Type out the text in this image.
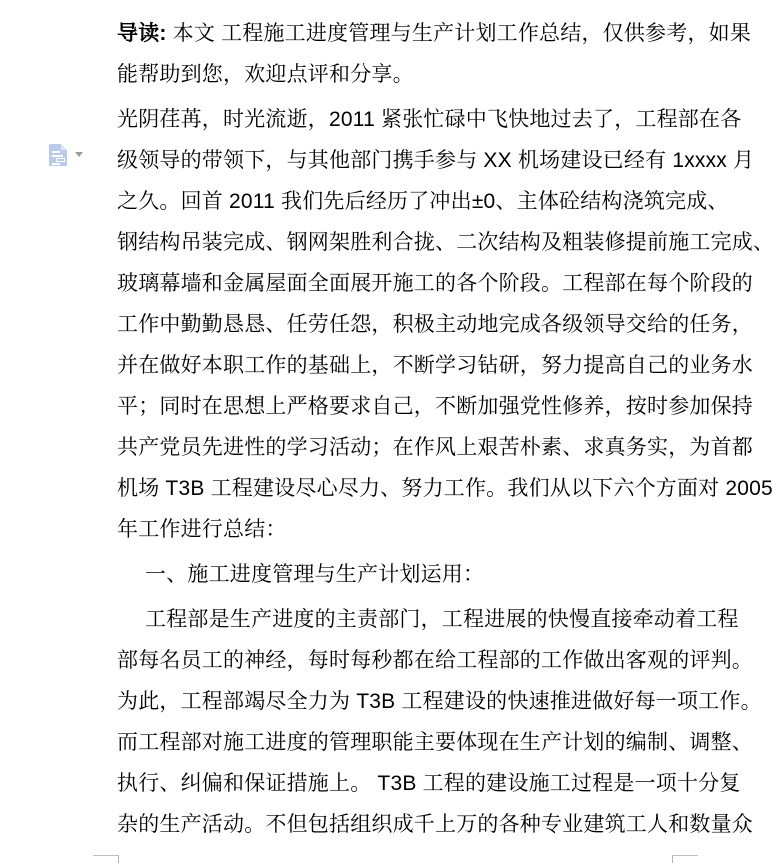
导读: 本文 工程施工进度管理与生产计划工作总结，仅供参考，如果
能帮助到您，欢迎点评和分享。
光阴荏苒，时光流逝，2011 紧张忙碌中飞快地过去了，工程部在各
级领导的带领下，与其他部门携手参与 XX 机场建设已经有 1xxxx 月
之久。回首 2011 我们先后经历了冲出±0、主体砼结构浇筑完成、
钢结构吊装完成、钢网架胜利合拢、二次结构及粗装修提前施工完成、
玻璃幕墙和金属屋面全面展开施工的各个阶段。工程部在每个阶段的
工作中勤勤恳恳、任劳任怨，积极主动地完成各级领导交给的任务，
并在做好本职工作的基础上，不断学习钻研，努力提高自己的业务水
平；同时在思想上严格要求自己，不断加强党性修养，按时参加保持
共产党员先进性的学习活动；在作风上艰苦朴素、求真务实，为首都
机场 T3B 工程建设尽心尽力、努力工作。我们从以下六个方面对 2005
年工作进行总结：
一、施工进度管理与生产计划运用：
工程部是生产进度的主责部门，工程进展的快慢直接牵动着工程
部每名员工的神经，每时每秒都在给工程部的工作做出客观的评判。
为此，工程部竭尽全力为 T3B 工程建设的快速推进做好每一项工作。
而工程部对施工进度的管理职能主要体现在生产计划的编制、调整、
执行、纠偏和保证措施上。 T3B 工程的建设施工过程是一项十分复
杂的生产活动。不但包括组织成千上万的各种专业建筑工人和数量众
